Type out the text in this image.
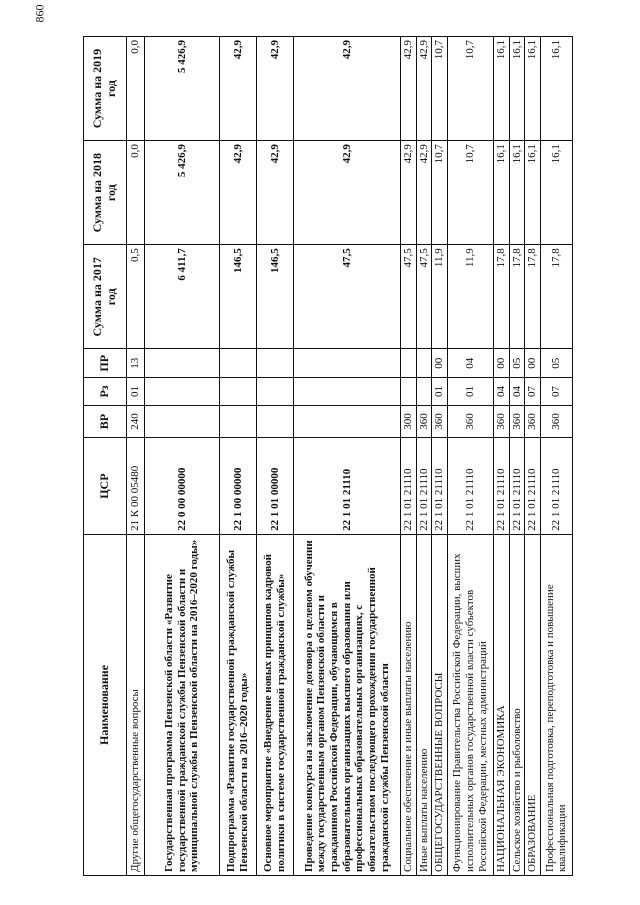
860
Наименование	ЦСР	ВР	Рз	ПР	Сумма на 2017 год	Сумма на 2018 год	Сумма на 2019 год
Другие общегосударственные вопросы	21 К 00 05480	240	01	13	0,5	0,0	0,0
Государственная программа Пензенской области «Развитие государственной гражданской службы Пензенской области и муниципальной службы в Пензенской области на 2016–2020 годы»	22 0 00 00000				6 411,7	5 426,9	5 426,9
Подпрограмма «Развитие государственной гражданской службы Пензенской области на 2016–2020 годы»	22 1 00 00000				146,5	42,9	42,9
Основное мероприятие «Внедрение новых принципов кадровой политики в системе государственной гражданской службы»	22 1 01 00000				146,5	42,9	42,9
Проведение конкурса на заключение договора о целевом обучении между государственным органом Пензенской области и гражданином Российской Федерации, обучающимся в образовательных организациях высшего образования или профессиональных образовательных организациях, с обязательством последующего прохождения государственной гражданской службы Пензенской области	22 1 01 21110				47,5	42,9	42,9
Социальное обеспечение и иные выплаты населению	22 1 01 21110	300			47,5	42,9	42,9
Иные выплаты населению	22 1 01 21110	360			47,5	42,9	42,9
ОБЩЕГОСУДАРСТВЕННЫЕ ВОПРОСЫ	22 1 01 21110	360	01	00	11,9	10,7	10,7
Функционирование Правительства Российской Федерации, высших исполнительных органов государственной власти субъектов Российской Федерации, местных администраций	22 1 01 21110	360	01	04	11,9	10,7	10,7
НАЦИОНАЛЬНАЯ ЭКОНОМИКА	22 1 01 21110	360	04	00	17,8	16,1	16,1
Сельское хозяйство и рыболовство	22 1 01 21110	360	04	05	17,8	16,1	16,1
ОБРАЗОВАНИЕ	22 1 01 21110	360	07	00	17,8	16,1	16,1
Профессиональная подготовка, переподготовка и повышение квалификации	22 1 01 21110	360	07	05	17,8	16,1	16,1
